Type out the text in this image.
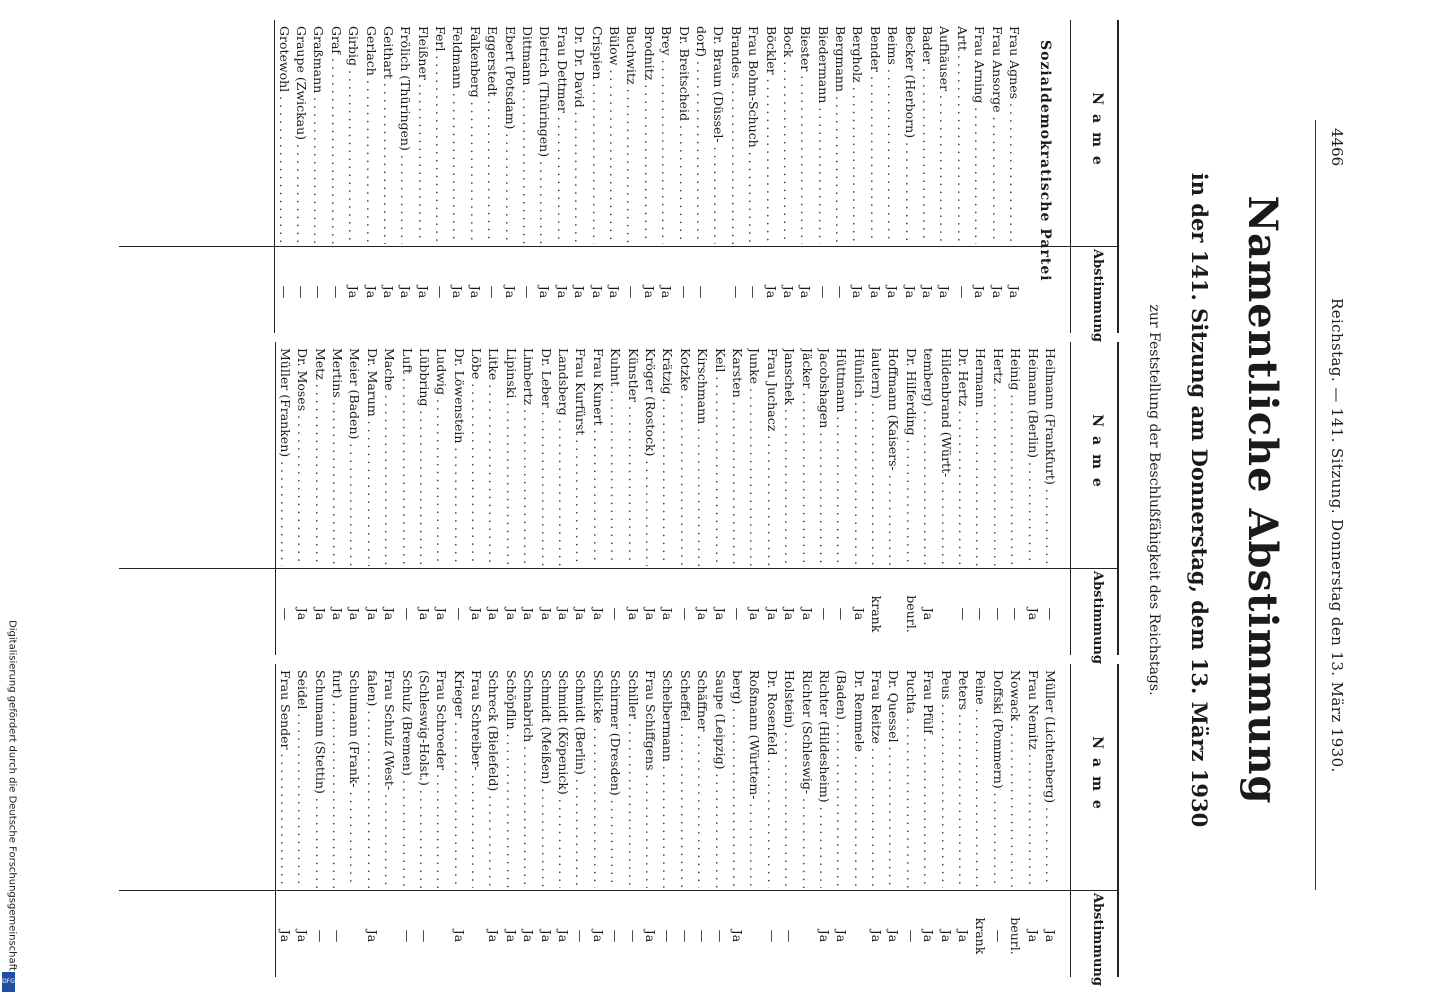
4466
Reichstag. — 141. Sitzung. Donnerstag den 13. März 1930.
Namentliche Abstimmung
in der 141. Sitzung am Donnerstag, dem 13. März 1930
zur Feststellung der Beschlußfähigkeit des Reichstags.
Name
Abstimmung
Sozialdemokratische Partei
Frau Agnes . . .
Ja
Frau Ansorge . . .
Ja
Frau Arning . . .
Ja
Artt . . .
—
Aufhäuser . . .
Ja
Bader . . .
Ja
Becker (Herborn) . . .
Ja
Beims . . .
Ja
Bender . . .
Ja
Bergholz . . .
Ja
Bergmann . . .
—
Biedermann . . .
—
Biester . . .
Ja
Bock . . .
Ja
Böckler . . .
Ja
Frau Bohm-Schuch . . .
—
Brandes . . .
—
Dr. Braun (Düssel- . . .
dorf) . . .
—
Dr. Breitscheid . . .
—
Brey . . .
Ja
Brodnitz . . .
Ja
Buchwitz . . .
—
Bülow . . .
Ja
Crispien . . .
Ja
Dr. Dr. David . . .
Ja
Frau Dettmer . . .
Ja
Dietrich (Thüringen) . . .
Ja
Dittmann . . .
—
Ebert (Potsdam) . . .
Ja
Eggerstedt . . .
—
Falkenberg . . .
Ja
Feldmann . . .
Ja
Ferl . . .
—
Fleißner . . .
Ja
Frölich (Thüringen) . . .
Ja
Geithart . . .
Ja
Gerlach . . .
Ja
Girbig . . .
Ja
Graf . . .
—
Graßmann . . .
—
Graupe (Zwickau) . . .
—
Grotewohl . . .
—
Name
Abstimmung
Heilmann (Frankfurt) . . .
—
Heimann (Berlin) . . .
Ja
Heinig . . .
—
Hertz . . .
—
Hermann . . .
—
Dr. Hertz . . .
—
Hildenbrand (Württ- . . .
temberg) . . .
Ja
Dr. Hilferding . . .
beurl.
Hoffmann (Kaisers- . . .
lautern) . . .
krank
Hünlich . . .
Ja
Hüttmann . . .
—
Jacobshagen . . .
—
Jäcker . . .
Ja
Janschek . . .
Ja
Frau Juchacz . . .
Ja
Junke . . .
Ja
Karsten . . .
—
Keil . . .
Ja
Kirschmann . . .
Ja
Kotzke . . .
—
Krätzig . . .
Ja
Kröger (Rostock) . . .
Ja
Künstler . . .
Ja
Kuhnt . . .
—
Frau Kunert . . .
Ja
Frau Kurfürst . . .
Ja
Landsberg . . .
Ja
Dr. Leber . . .
Ja
Limbertz . . .
Ja
Lipinski . . .
Ja
Litke . . .
Ja
Löbe . . .
Ja
Dr. Löwenstein . . .
—
Ludwig . . .
Ja
Lübbring . . .
Ja
Luft . . .
—
Mache . . .
Ja
Dr. Marum . . .
Ja
Meier (Baden) . . .
Ja
Mertins . . .
Ja
Metz . . .
Ja
Dr. Moses . . .
Ja
Müller (Franken) . . .
—
Name
Abstimmung
Müller (Lichtenberg) . . .
Ja
Frau Nemitz . . .
Ja
Nowack . . .
beurl.
Doffski (Pommern) . . .
—
Peine . . .
krank
Peters . . .
Ja
Peus . . .
Ja
Frau Pfülf . . .
Ja
Puchta . . .
—
Dr. Quessel . . .
Ja
Frau Reitze . . .
Ja
Dr. Remmele . . .
(Baden) . . .
Ja
Richter (Hildesheim) . . .
Ja
Richter (Schleswig- . . .
Holstein) . . .
—
Dr. Rosenfeld . . .
—
Roßmann (Württem- . . .
berg) . . .
Ja
Saupe (Leipzig) . . .
—
Schäffner . . .
—
Scheffel . . .
—
Schelbermann . . .
—
Frau Schiffgens . . .
Ja
Schiller . . .
—
Schirmer (Dresden) . . .
—
Schlicke . . .
Ja
Schmidt (Berlin) . . .
—
Schmidt (Köpenick) . . .
Ja
Schmidt (Meißen) . . .
Ja
Schnabrich . . .
Ja
Schöpflin . . .
Ja
Schreck (Bielefeld) . . .
Ja
Frau Schreiber- . . .
Krieger . . .
Ja
Frau Schroeder . . .
(Schleswig-Holst.) . . .
—
Schulz (Bremen) . . .
—
Frau Schulz (West- . . .
falen) . . .
Ja
Schumann (Frank- . . .
furt) . . .
—
Schumann (Stettin) . . .
—
Seidel . . .
Ja
Frau Sender . . .
Ja
Digitalisierung gefördert durch die Deutsche Forschungsgemeinschaft
DFG
